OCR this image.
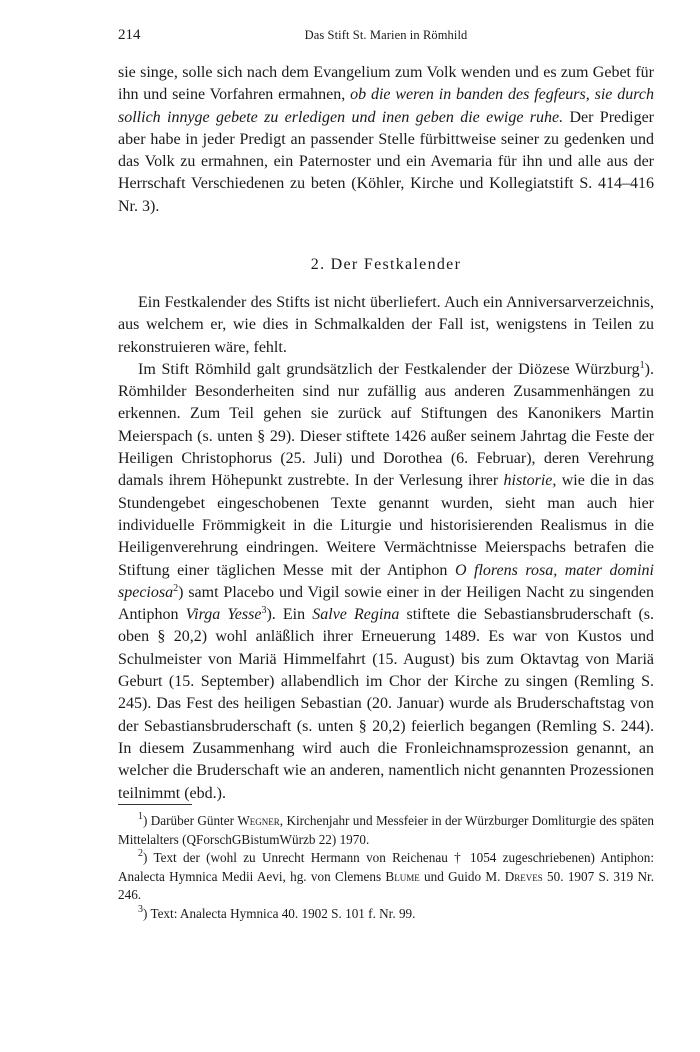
214	Das Stift St. Marien in Römhild

sie singe, solle sich nach dem Evangelium zum Volk wenden und es zum Gebet für ihn und seine Vorfahren ermahnen, ob die weren in banden des fegfeurs, sie durch sollich innyge gebete zu erledigen und inen geben die ewige ruhe. Der Prediger aber habe in jeder Predigt an passender Stelle fürbittweise seiner zu gedenken und das Volk zu ermahnen, ein Paternoster und ein Avemaria für ihn und alle aus der Herrschaft Verschiedenen zu beten (Köhler, Kirche und Kollegiatstift S. 414–416 Nr. 3).

2. Der Festkalender

Ein Festkalender des Stifts ist nicht überliefert. Auch ein Anniversarverzeichnis, aus welchem er, wie dies in Schmalkalden der Fall ist, wenigstens in Teilen zu rekonstruieren wäre, fehlt.

Im Stift Römhild galt grundsätzlich der Festkalender der Diözese Würzburg$^1$). Römhilder Besonderheiten sind nur zufällig aus anderen Zusammenhängen zu erkennen. Zum Teil gehen sie zurück auf Stiftungen des Kanonikers Martin Meierspach (s. unten § 29). Dieser stiftete 1426 außer seinem Jahrtag die Feste der Heiligen Christophorus (25. Juli) und Dorothea (6. Februar), deren Verehrung damals ihrem Höhepunkt zustrebte. In der Verlesung ihrer historie, wie die in das Stundengebet eingeschobenen Texte genannt wurden, sieht man auch hier individuelle Frömmigkeit in die Liturgie und historisierenden Realismus in die Heiligenverehrung eindringen. Weitere Vermächtnisse Meierspachs betrafen die Stiftung einer täglichen Messe mit der Antiphon O florens rosa, mater domini speciosa$^2$) samt Placebo und Vigil sowie einer in der Heiligen Nacht zu singenden Antiphon Virga Yesse$^3$). Ein Salve Regina stiftete die Sebastiansbruderschaft (s. oben § 20,2) wohl anläßlich ihrer Erneuerung 1489. Es war von Kustos und Schulmeister von Mariä Himmelfahrt (15. August) bis zum Oktavtag von Mariä Geburt (15. September) allabendlich im Chor der Kirche zu singen (Remling S. 245). Das Fest des heiligen Sebastian (20. Januar) wurde als Bruderschaftstag von der Sebastiansbruderschaft (s. unten § 20,2) feierlich begangen (Remling S. 244). In diesem Zusammenhang wird auch die Fronleichnamsprozession genannt, an welcher die Bruderschaft wie an anderen, namentlich nicht genannten Prozessionen teilnimmt (ebd.).

$^1$) Darüber Günter Wegner, Kirchenjahr und Messfeier in der Würzburger Domliturgie des späten Mittelalters (QForschGBistumWürzb 22) 1970.

$^2$) Text der (wohl zu Unrecht Hermann von Reichenau † 1054 zugeschriebenen) Antiphon: Analecta Hymnica Medii Aevi, hg. von Clemens Blume und Guido M. Dreves 50. 1907 S. 319 Nr. 246.

$^3$) Text: Analecta Hymnica 40. 1902 S. 101 f. Nr. 99.
